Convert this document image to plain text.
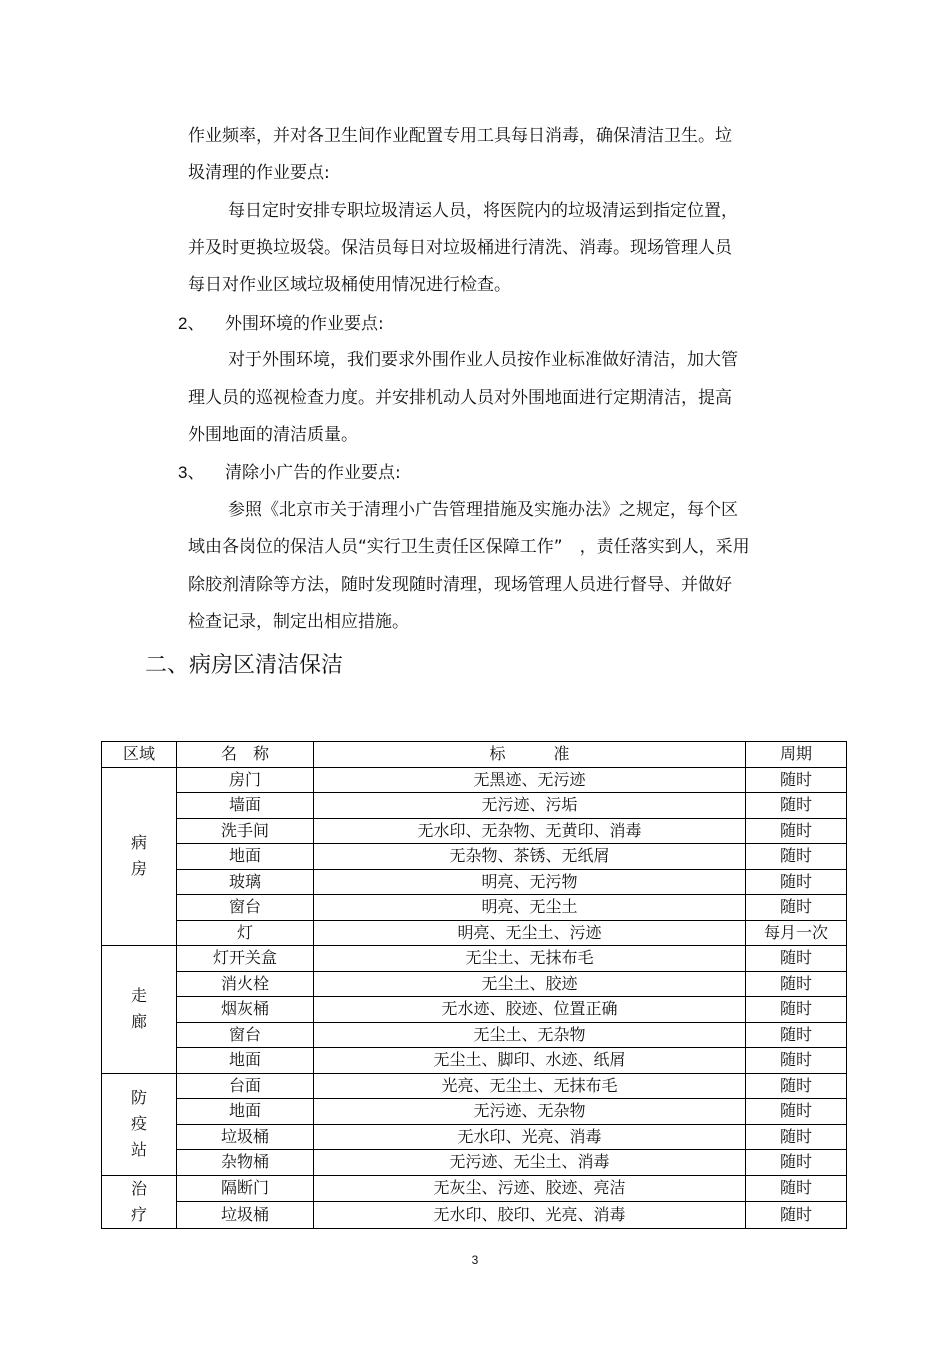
作业频率，并对各卫生间作业配置专用工具每日消毒，确保清洁卫生。垃
圾清理的作业要点:
每日定时安排专职垃圾清运人员，将医院内的垃圾清运到指定位置，
并及时更换垃圾袋。保洁员每日对垃圾桶进行清洗、消毒。现场管理人员
每日对作业区域垃圾桶使用情况进行检查。
2、 外围环境的作业要点:
对于外围环境，我们要求外围作业人员按作业标准做好清洁，加大管
理人员的巡视检查力度。并安排机动人员对外围地面进行定期清洁，提高
外围地面的清洁质量。
3、 清除小广告的作业要点:
参照《北京市关于清理小广告管理措施及实施办法》之规定，每个区
域由各岗位的保洁人员“实行卫生责任区保障工作”　，责任落实到人，采用
除胶剂清除等方法，随时发现随时清理，现场管理人员进行督导、并做好
检查记录，制定出相应措施。
二、病房区清洁保洁
区域	名　称	标　　　准	周期

病
房	房门	无黑迹、无污迹	随时
	墙面	无污迹、污垢	随时
	洗手间	无水印、无杂物、无黄印、消毒	随时
	地面	无杂物、茶锈、无纸屑	随时
	玻璃	明亮、无污物	随时
	窗台	明亮、无尘土	随时
	灯	明亮、无尘土、污迹	每月一次

走
廊	灯开关盒	无尘土、无抹布毛	随时
	消火栓	无尘土、胶迹	随时
	烟灰桶	无水迹、胶迹、位置正确	随时
	窗台	无尘土、无杂物	随时
	地面	无尘土、脚印、水迹、纸屑	随时

防
疫
站	台面	光亮、无尘土、无抹布毛	随时
	地面	无污迹、无杂物	随时
	垃圾桶	无水印、光亮、消毒	随时
	杂物桶	无污迹、无尘土、消毒	随时

治
疗	隔断门	无灰尘、污迹、胶迹、亮洁	随时
	垃圾桶	无水印、胶印、光亮、消毒	随时
3
